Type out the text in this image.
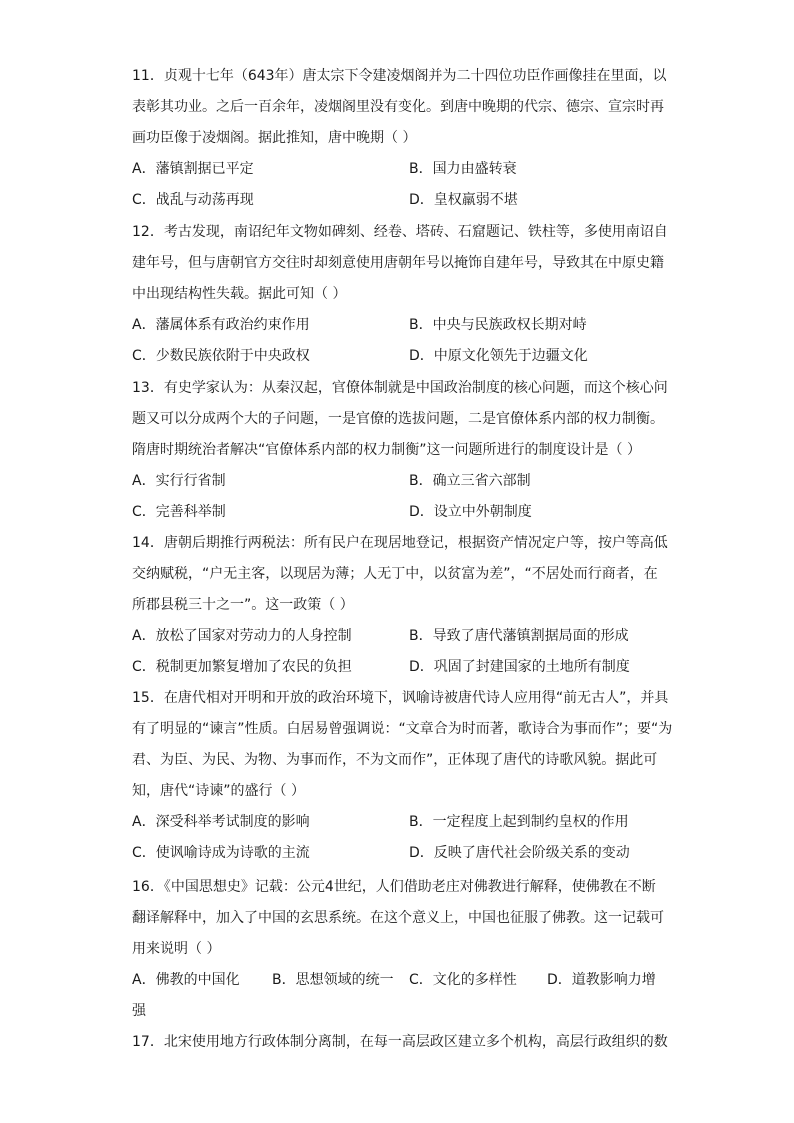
11．贞观十七年（643年）唐太宗下令建凌烟阁并为二十四位功臣作画像挂在里面，以
表彰其功业。之后一百余年，凌烟阁里没有变化。到唐中晚期的代宗、德宗、宣宗时再
画功臣像于凌烟阁。据此推知，唐中晚期（ ）
A．藩镇割据已平定	B．国力由盛转衰
C．战乱与动荡再现	D．皇权羸弱不堪
12．考古发现，南诏纪年文物如碑刻、经卷、塔砖、石窟题记、铁柱等，多使用南诏自
建年号，但与唐朝官方交往时却刻意使用唐朝年号以掩饰自建年号，导致其在中原史籍
中出现结构性失载。据此可知（ ）
A．藩属体系有政治约束作用	B．中央与民族政权长期对峙
C．少数民族依附于中央政权	D．中原文化领先于边疆文化
13．有史学家认为：从秦汉起，官僚体制就是中国政治制度的核心问题，而这个核心问
题又可以分成两个大的子问题，一是官僚的选拔问题，二是官僚体系内部的权力制衡。
隋唐时期统治者解决“官僚体系内部的权力制衡”这一问题所进行的制度设计是（ ）
A．实行行省制	B．确立三省六部制
C．完善科举制	D．设立中外朝制度
14．唐朝后期推行两税法：所有民户在现居地登记，根据资产情况定户等，按户等高低
交纳赋税，“户无主客，以现居为薄；人无丁中，以贫富为差”，“不居处而行商者，在
所郡县税三十之一”。这一政策（ ）
A．放松了国家对劳动力的人身控制	B．导致了唐代藩镇割据局面的形成
C．税制更加繁复增加了农民的负担	D．巩固了封建国家的土地所有制度
15．在唐代相对开明和开放的政治环境下，讽喻诗被唐代诗人应用得“前无古人”，并具
有了明显的“谏言”性质。白居易曾强调说：“文章合为时而著，歌诗合为事而作”；要“为
君、为臣、为民、为物、为事而作，不为文而作”，正体现了唐代的诗歌风貌。据此可
知，唐代“诗谏”的盛行（ ）
A．深受科举考试制度的影响	B．一定程度上起到制约皇权的作用
C．使讽喻诗成为诗歌的主流	D．反映了唐代社会阶级关系的变动
16．《中国思想史》记载：公元4世纪，人们借助老庄对佛教进行解释，使佛教在不断
翻译解释中，加入了中国的玄思系统。在这个意义上，中国也征服了佛教。这一记载可
用来说明（ ）
A．佛教的中国化 B．思想领域的统一 C．文化的多样性 D．道教影响力增
强
17．北宋使用地方行政体制分离制，在每一高层政区建立多个机构，高层行政组织的数
